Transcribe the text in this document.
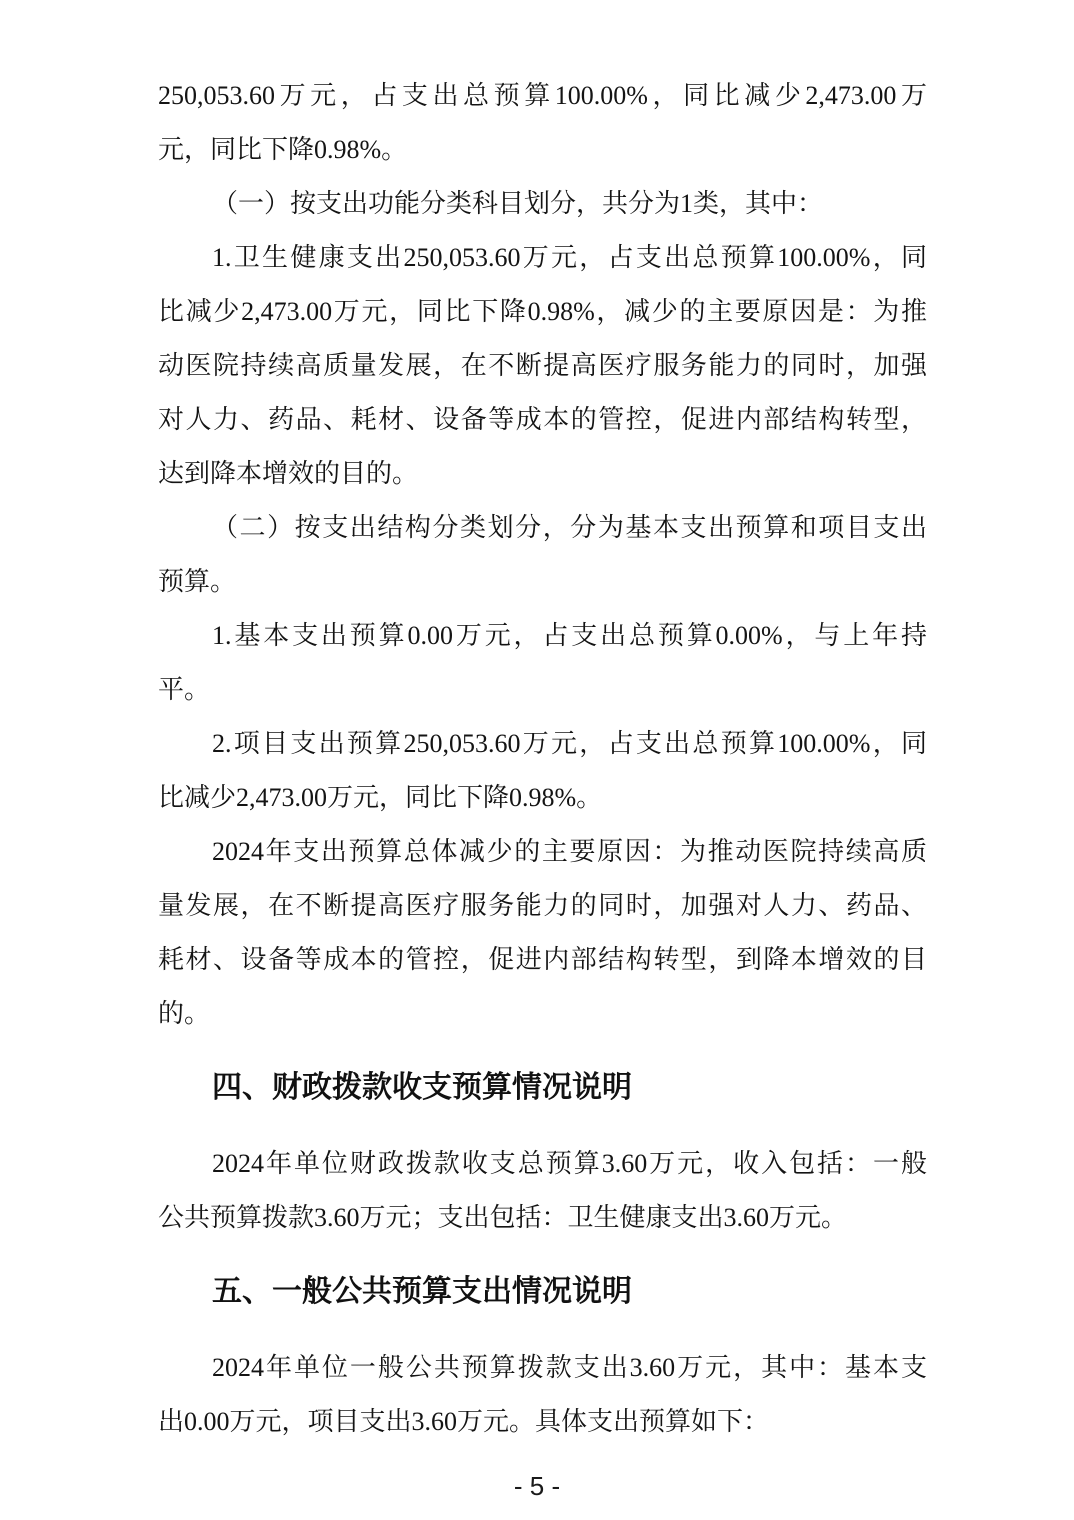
250,053.60万元，占支出总预算100.00%，同比减少2,473.00万
元，同比下降0.98%。
（一）按支出功能分类科目划分，共分为1类，其中：
1.卫生健康支出250,053.60万元，占支出总预算100.00%，同
比减少2,473.00万元，同比下降0.98%，减少的主要原因是：为推
动医院持续高质量发展，在不断提高医疗服务能力的同时，加强
对人力、药品、耗材、设备等成本的管控，促进内部结构转型，
达到降本增效的目的。
（二）按支出结构分类划分，分为基本支出预算和项目支出
预算。
1.基本支出预算0.00万元，占支出总预算0.00%，与上年持
平。
2.项目支出预算250,053.60万元，占支出总预算100.00%，同
比减少2,473.00万元，同比下降0.98%。
2024年支出预算总体减少的主要原因：为推动医院持续高质
量发展，在不断提高医疗服务能力的同时，加强对人力、药品、
耗材、设备等成本的管控，促进内部结构转型，到降本增效的目
的。
四、财政拨款收支预算情况说明
2024年单位财政拨款收支总预算3.60万元，收入包括：一般
公共预算拨款3.60万元；支出包括：卫生健康支出3.60万元。
五、一般公共预算支出情况说明
2024年单位一般公共预算拨款支出3.60万元，其中：基本支
出0.00万元，项目支出3.60万元。具体支出预算如下：
- 5 -
